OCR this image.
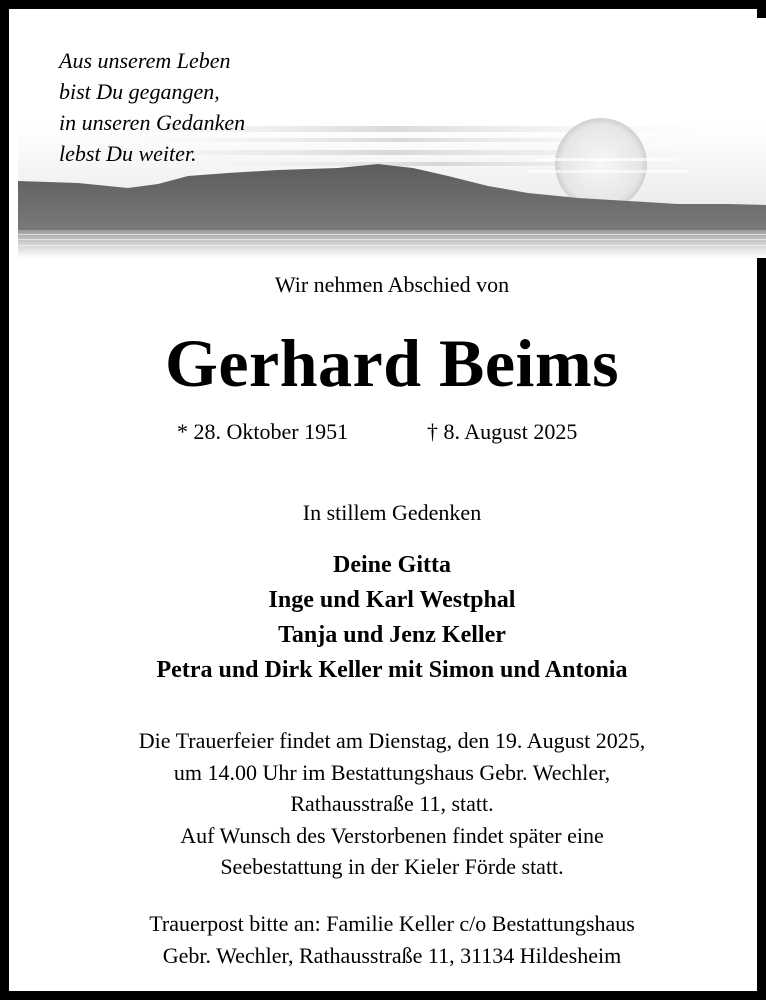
Aus unserem Leben
bist Du gegangen,
in unseren Gedanken
lebst Du weiter.
Wir nehmen Abschied von
Gerhard Beims
* 28. Oktober 1951	† 8. August 2025
In stillem Gedenken
Deine Gitta
Inge und Karl Westphal
Tanja und Jenz Keller
Petra und Dirk Keller mit Simon und Antonia
Die Trauerfeier findet am Dienstag, den 19. August 2025,
um 14.00 Uhr im Bestattungshaus Gebr. Wechler,
Rathausstraße 11, statt.
Auf Wunsch des Verstorbenen findet später eine
Seebestattung in der Kieler Förde statt.
Trauerpost bitte an: Familie Keller c/o Bestattungshaus
Gebr. Wechler, Rathausstraße 11, 31134 Hildesheim
